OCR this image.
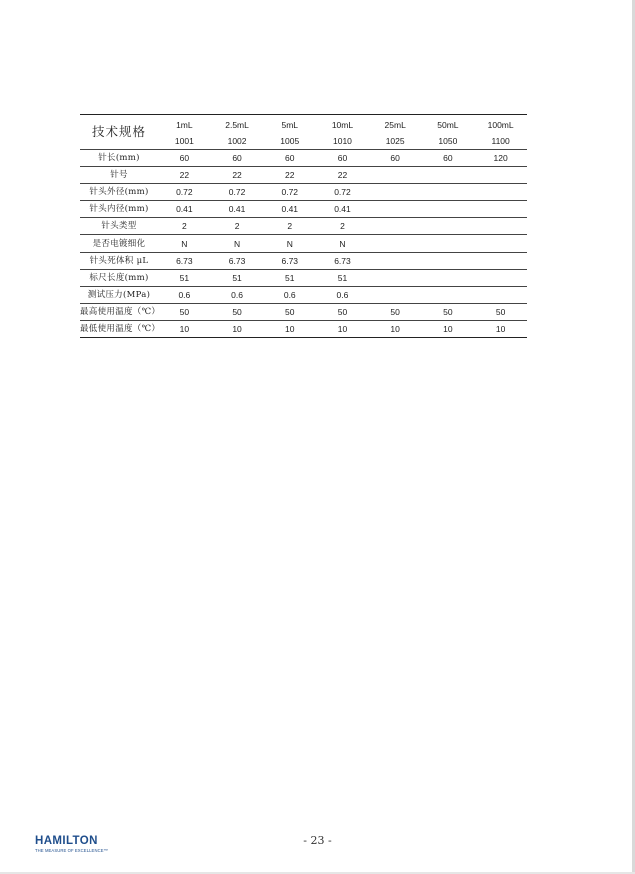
技术规格	1mL	2.5mL	5mL	10mL	25mL	50mL	100mL
	1001	1002	1005	1010	1025	1050	1100
针长(mm)	60	60	60	60	60	60	120
针号	22	22	22	22			
针头外径(mm)	0.72	0.72	0.72	0.72			
针头内径(mm)	0.41	0.41	0.41	0.41			
针头类型	2	2	2	2			
是否电镀细化	N	N	N	N			
针头死体积 μL	6.73	6.73	6.73	6.73			
标尺长度(mm)	51	51	51	51			
测试压力(MPa)	0.6	0.6	0.6	0.6			
最高使用温度（℃）	50	50	50	50	50	50	50
最低使用温度（℃）	10	10	10	10	10	10	10
HAMILTON
THE MEASURE OF EXCELLENCE™
- 23 -
